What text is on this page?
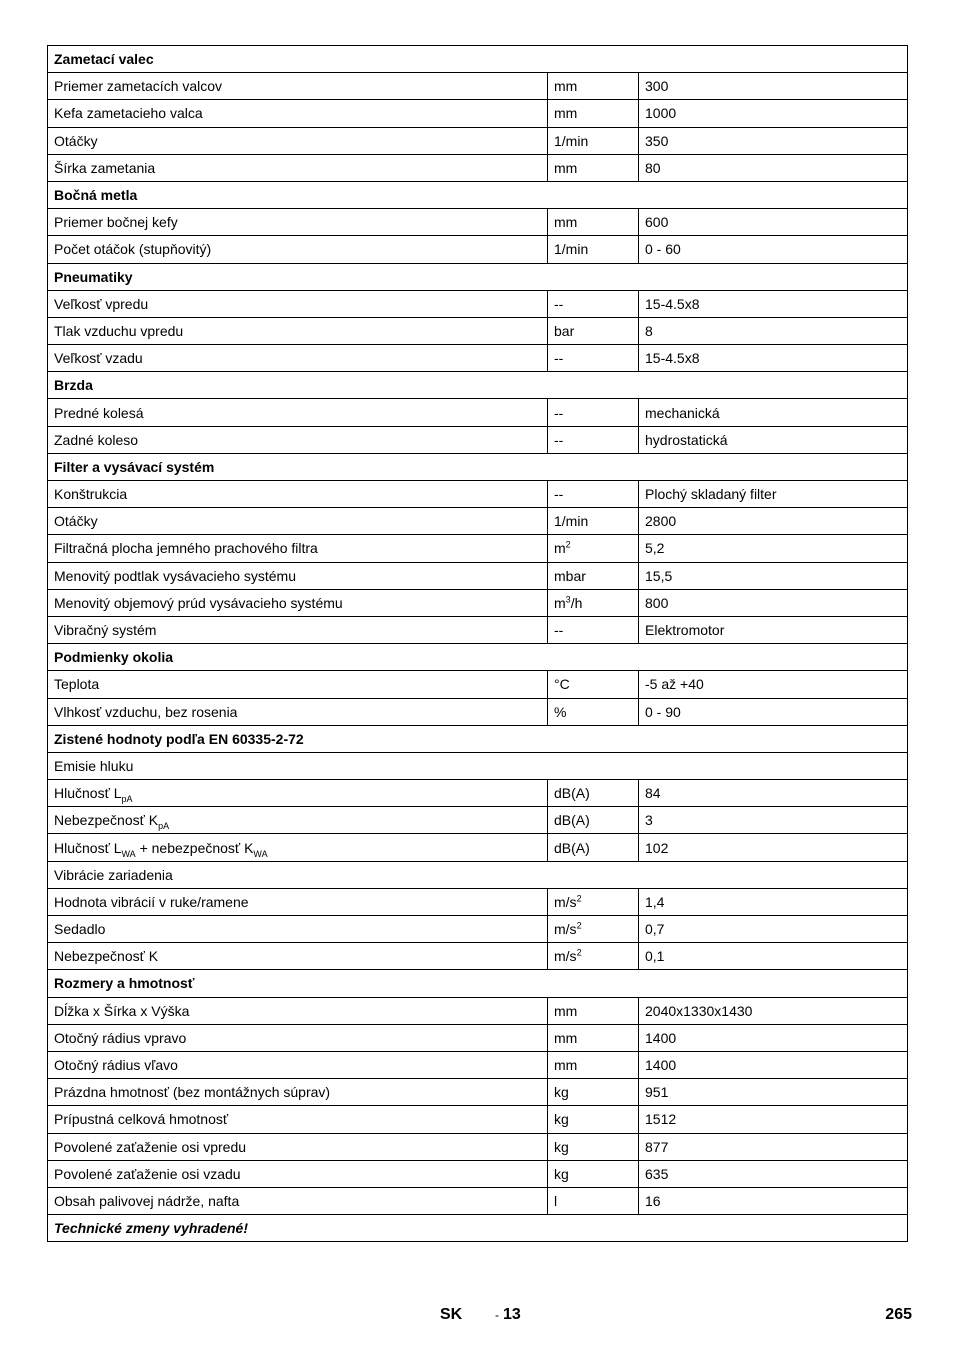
Zametací valec		
Priemer zametacích valcov	mm	300
Kefa zametacieho valca	mm	1000
Otáčky	1/min	350
Šírka zametania	mm	80
Bočná metla		
Priemer bočnej kefy	mm	600
Počet otáčok (stupňovitý)	1/min	0 - 60
Pneumatiky		
Veľkosť vpredu	--	15-4.5x8
Tlak vzduchu vpredu	bar	8
Veľkosť vzadu	--	15-4.5x8
Brzda		
Predné kolesá	--	mechanická
Zadné koleso	--	hydrostatická
Filter a vysávací systém		
Konštrukcia	--	Plochý skladaný filter
Otáčky	1/min	2800
Filtračná plocha jemného prachového filtra	$m^2$	5,2
Menovitý podtlak vysávacieho systému	mbar	15,5
Menovitý objemový prúd vysávacieho systému	$m^3/h$	800
Vibračný systém	--	Elektromotor
Podmienky okolia		
Teplota	°C	-5 až +40
Vlhkosť vzduchu, bez rosenia	%	0 - 90
Zistené hodnoty podľa EN 60335-2-72		
Emisie hluku		
Hlučnosť $L_{pA}$	dB(A)	84
Nebezpečnosť $K_{pA}$	dB(A)	3
Hlučnosť $L_{WA}$ + nebezpečnosť $K_{WA}$	dB(A)	102
Vibrácie zariadenia		
Hodnota vibrácií v ruke/ramene	$m/s^2$	1,4
Sedadlo	$m/s^2$	0,7
Nebezpečnosť K	$m/s^2$	0,1
Rozmery a hmotnosť		
Dĺžka x Šírka x Výška	mm	2040x1330x1430
Otočný rádius vpravo	mm	1400
Otočný rádius vľavo	mm	1400
Prázdna hmotnosť (bez montážnych súprav)	kg	951
Prípustná celková hmotnosť	kg	1512
Povolené zaťaženie osi vpredu	kg	877
Povolené zaťaženie osi vzadu	kg	635
Obsah palivovej nádrže, nafta	l	16
Technické zmeny vyhradené!		
SK	- 13	265
